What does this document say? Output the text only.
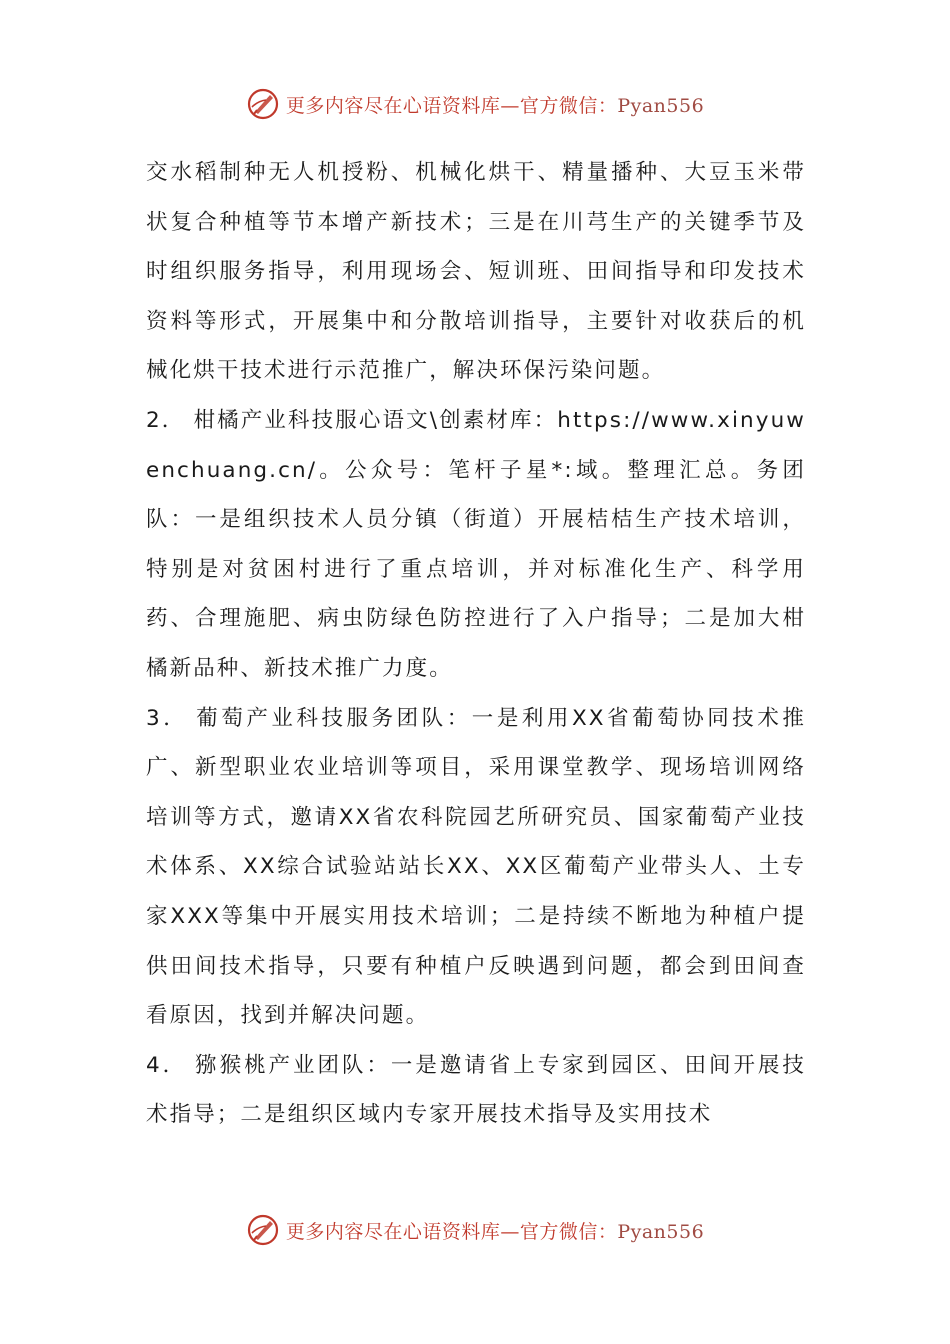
更多内容尽在心语资料库—官方微信：Pyan556

交水稻制种无人机授粉、机械化烘干、精量播种、大豆玉米带状复合种植等节本增产新技术；三是在川芎生产的关键季节及时组织服务指导，利用现场会、短训班、田间指导和印发技术资料等形式，开展集中和分散培训指导，主要针对收获后的机械化烘干技术进行示范推广，解决环保污染问题。

2． 柑橘产业科技服心语文\创素材库：https://www.xinyuwenchuang.cn/。公众号：笔杆子星*:域。整理汇总。务团队：一是组织技术人员分镇（街道）开展桔桔生产技术培训，特别是对贫困村进行了重点培训，并对标准化生产、科学用药、合理施肥、病虫防绿色防控进行了入户指导；二是加大柑橘新品种、新技术推广力度。

3． 葡萄产业科技服务团队：一是利用XX省葡萄协同技术推广、新型职业农业培训等项目，采用课堂教学、现场培训网络培训等方式，邀请XX省农科院园艺所研究员、国家葡萄产业技术体系、XX综合试验站站长XX、XX区葡萄产业带头人、土专家XXX等集中开展实用技术培训；二是持续不断地为种植户提供田间技术指导，只要有种植户反映遇到问题，都会到田间查看原因，找到并解决问题。

4． 猕猴桃产业团队：一是邀请省上专家到园区、田间开展技术指导；二是组织区域内专家开展技术指导及实用技术

更多内容尽在心语资料库—官方微信：Pyan556
